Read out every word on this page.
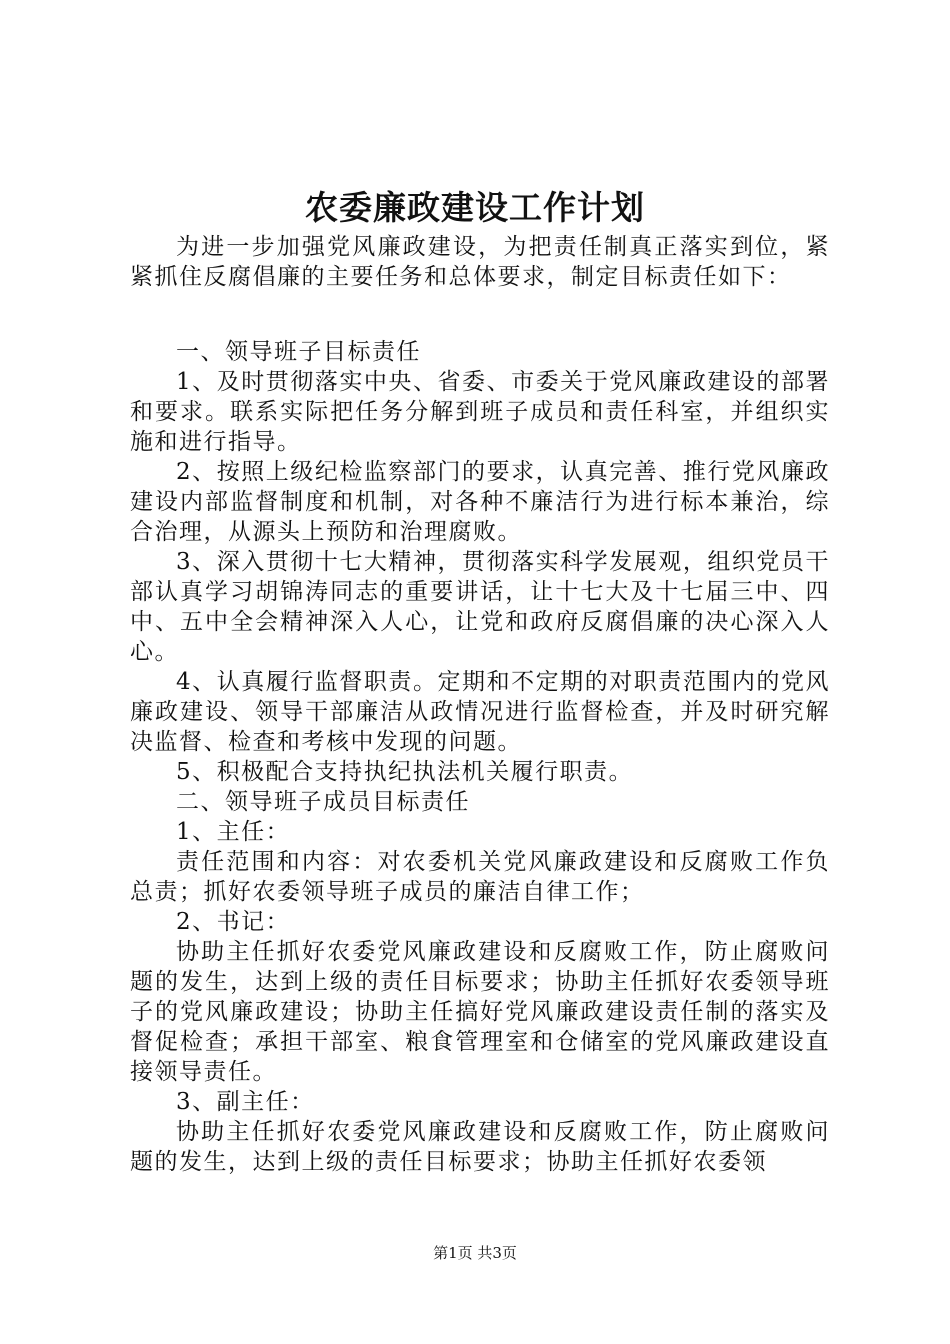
农委廉政建设工作计划

为进一步加强党风廉政建设，为把责任制真正落实到位，紧紧抓住反腐倡廉的主要任务和总体要求，制定目标责任如下：

一、领导班子目标责任

1、及时贯彻落实中央、省委、市委关于党风廉政建设的部署和要求。联系实际把任务分解到班子成员和责任科室，并组织实施和进行指导。

2、按照上级纪检监察部门的要求，认真完善、推行党风廉政建设内部监督制度和机制，对各种不廉洁行为进行标本兼治，综合治理，从源头上预防和治理腐败。

3、深入贯彻十七大精神，贯彻落实科学发展观，组织党员干部认真学习胡锦涛同志的重要讲话，让十七大及十七届三中、四中、五中全会精神深入人心，让党和政府反腐倡廉的决心深入人心。

4、认真履行监督职责。定期和不定期的对职责范围内的党风廉政建设、领导干部廉洁从政情况进行监督检查，并及时研究解决监督、检查和考核中发现的问题。

5、积极配合支持执纪执法机关履行职责。

二、领导班子成员目标责任

1、主任：

责任范围和内容：对农委机关党风廉政建设和反腐败工作负总责；抓好农委领导班子成员的廉洁自律工作；

2、书记：

协助主任抓好农委党风廉政建设和反腐败工作，防止腐败问题的发生，达到上级的责任目标要求；协助主任抓好农委领导班子的党风廉政建设；协助主任搞好党风廉政建设责任制的落实及督促检查；承担干部室、粮食管理室和仓储室的党风廉政建设直接领导责任。

3、副主任：

协助主任抓好农委党风廉政建设和反腐败工作，防止腐败问题的发生，达到上级的责任目标要求；协助主任抓好农委领

第1页 共3页
